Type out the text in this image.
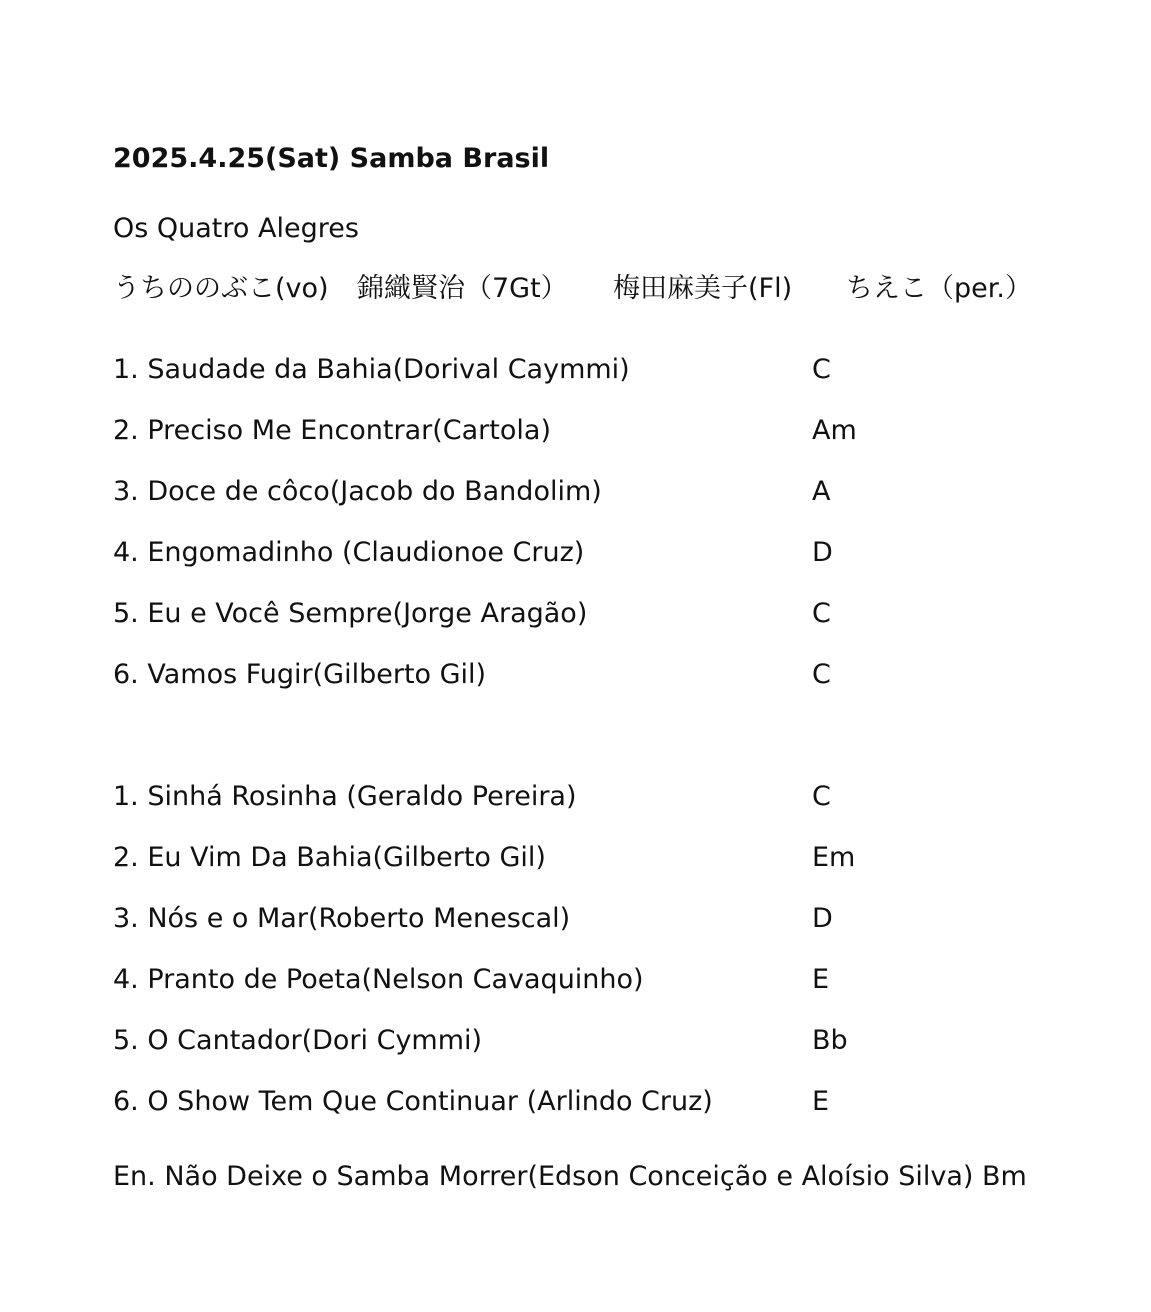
2025.4.25(Sat) Samba Brasil
Os Quatro Alegres
うちののぶこ(vo)	錦織賢治（7Gt）	梅田麻美子(Fl)	ちえこ（per.）
1. Saudade da Bahia(Dorival Caymmi)	C
2. Preciso Me Encontrar(Cartola)	Am
3. Doce de côco(Jacob do Bandolim)	A
4. Engomadinho (Claudionoe Cruz)	D
5. Eu e Você Sempre(Jorge Aragão)	C
6. Vamos Fugir(Gilberto Gil)	C
1. Sinhá Rosinha (Geraldo Pereira)	C
2. Eu Vim Da Bahia(Gilberto Gil)	Em
3. Nós e o Mar(Roberto Menescal)	D
4. Pranto de Poeta(Nelson Cavaquinho)	E
5. O Cantador(Dori Cymmi)	Bb
6. O Show Tem Que Continuar (Arlindo Cruz)	E
En. Não Deixe o Samba Morrer(Edson Conceição e Aloísio Silva) Bm
